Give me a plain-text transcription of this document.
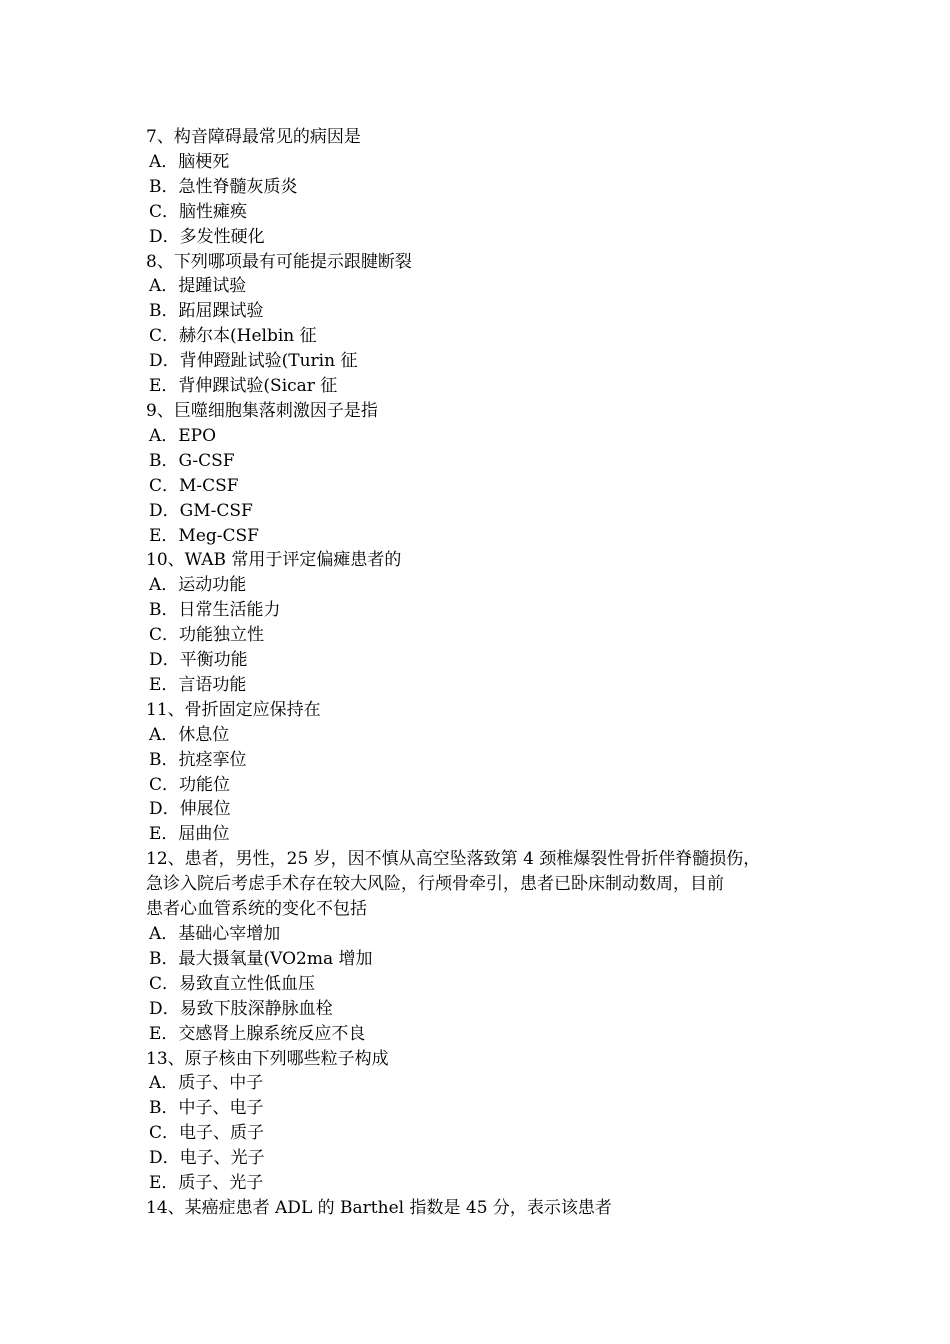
7、构音障碍最常见的病因是
A．脑梗死
B．急性脊髓灰质炎
C．脑性瘫痪
D．多发性硬化
8、下列哪项最有可能提示跟腱断裂
A．提踵试验
B．跖屈踝试验
C．赫尔本(Helbin 征
D．背伸蹬趾试验(Turin 征
E．背伸踝试验(Sicar 征
9、巨噬细胞集落刺激因子是指
A．EPO
B．G-CSF
C．M-CSF
D．GM-CSF
E．Meg-CSF
10、WAB 常用于评定偏瘫患者的
A．运动功能
B．日常生活能力
C．功能独立性
D．平衡功能
E．言语功能
11、骨折固定应保持在
A．休息位
B．抗痉挛位
C．功能位
D．伸展位
E．屈曲位
12、患者，男性，25 岁，因不慎从高空坠落致第 4 颈椎爆裂性骨折伴脊髓损伤，
急诊入院后考虑手术存在较大风险，行颅骨牵引，患者已卧床制动数周，目前
患者心血管系统的变化不包括
A．基础心宰增加
B．最大摄氧量(VO2ma 增加
C．易致直立性低血压
D．易致下肢深静脉血栓
E．交感肾上腺系统反应不良
13、原子核由下列哪些粒子构成
A．质子、中子
B．中子、电子
C．电子、质子
D．电子、光子
E．质子、光子
14、某癌症患者 ADL 的 Barthel 指数是 45 分，表示该患者
